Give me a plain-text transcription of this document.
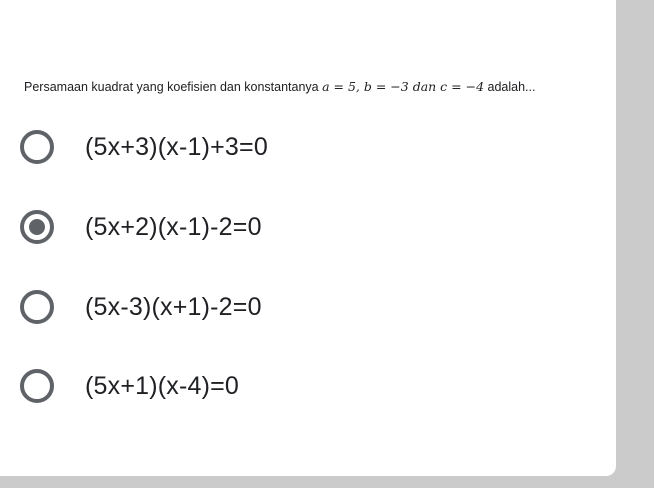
Persamaan kuadrat yang koefisien dan konstantanya a = 5, b = −3 dan c = −4 adalah...
(5x+3)(x-1)+3=0
(5x+2)(x-1)-2=0
(5x-3)(x+1)-2=0
(5x+1)(x-4)=0
